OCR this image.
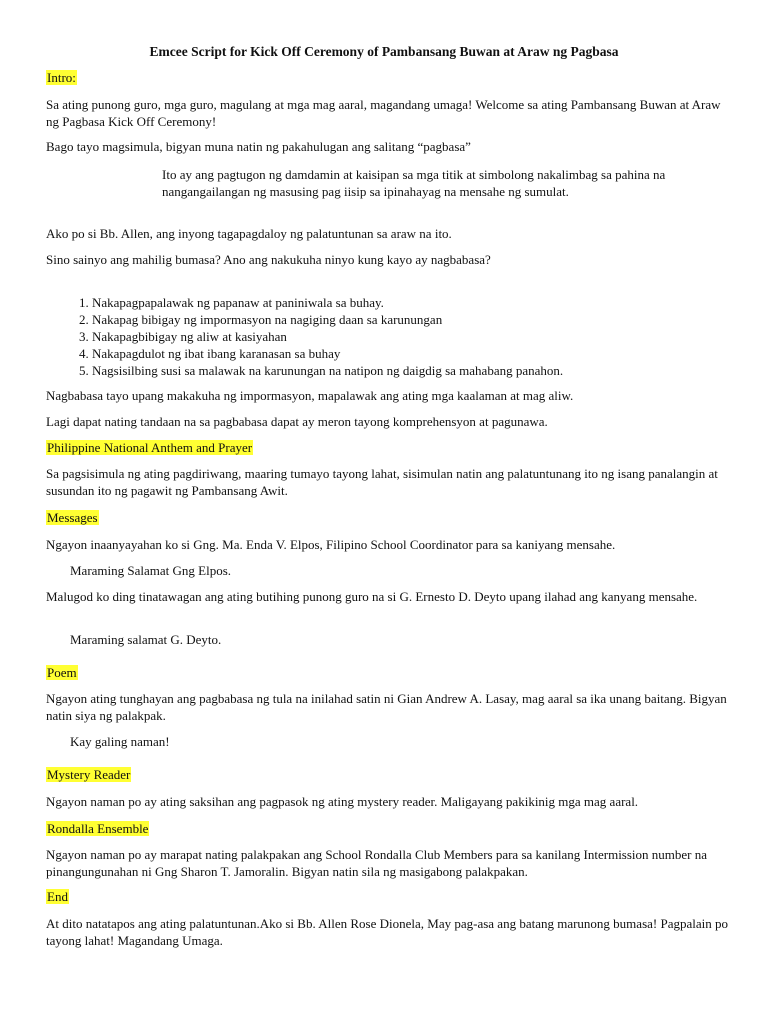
Emcee Script for Kick Off Ceremony of Pambansang Buwan at Araw ng Pagbasa
Intro:
Sa ating punong guro, mga guro, magulang at mga mag aaral, magandang umaga! Welcome sa ating Pambansang Buwan at Araw ng Pagbasa Kick Off Ceremony!
Bago tayo magsimula, bigyan muna natin ng pakahulugan ang salitang “pagbasa”
Ito ay ang pagtugon ng damdamin at kaisipan sa mga titik at simbolong nakalimbag sa pahina na nangangailangan ng masusing pag iisip sa ipinahayag na mensahe ng sumulat.
Ako po si Bb. Allen, ang inyong tagapagdaloy ng palatuntunan sa araw na ito.
Sino sainyo ang mahilig bumasa? Ano ang nakukuha ninyo kung kayo ay nagbabasa?
1. Nakapagpapalawak ng papanaw at paniniwala sa buhay.
2. Nakapag bibigay ng impormasyon na nagiging daan sa karunungan
3. Nakapagbibigay ng aliw at kasiyahan
4. Nakapagdulot ng ibat ibang karanasan sa buhay
5. Nagsisilbing susi sa malawak na karunungan na natipon ng daigdig sa mahabang panahon.
Nagbabasa tayo upang makakuha ng impormasyon, mapalawak ang ating mga kaalaman at mag aliw.
Lagi dapat nating tandaan na sa pagbabasa dapat ay meron tayong komprehensyon at pagunawa.
Philippine National Anthem and Prayer
Sa pagsisimula ng ating pagdiriwang, maaring tumayo tayong lahat, sisimulan natin ang palatuntunang ito ng isang panalangin at susundan ito ng pagawit ng Pambansang Awit.
Messages
Ngayon inaanyayahan ko si Gng. Ma. Enda V. Elpos, Filipino School Coordinator para sa kaniyang mensahe.
Maraming Salamat Gng Elpos.
Malugod ko ding tinatawagan ang ating butihing punong guro na si G. Ernesto D. Deyto upang ilahad ang kanyang mensahe.
Maraming salamat G. Deyto.
Poem
Ngayon ating tunghayan ang pagbabasa ng tula na inilahad satin ni Gian Andrew A. Lasay, mag aaral sa ika unang baitang. Bigyan natin siya ng palakpak.
Kay galing naman!
Mystery Reader
Ngayon naman po ay ating saksihan ang pagpasok ng ating mystery reader. Maligayang pakikinig mga mag aaral.
Rondalla Ensemble
Ngayon naman po ay marapat nating palakpakan ang School Rondalla Club Members para sa kanilang Intermission number na pinangungunahan ni Gng Sharon T. Jamoralin. Bigyan natin sila ng masigabong palakpakan.
End
At dito natatapos ang ating palatuntunan.Ako si Bb. Allen Rose Dionela, May pag-asa ang batang marunong bumasa! Pagpalain po tayong lahat! Magandang Umaga.
